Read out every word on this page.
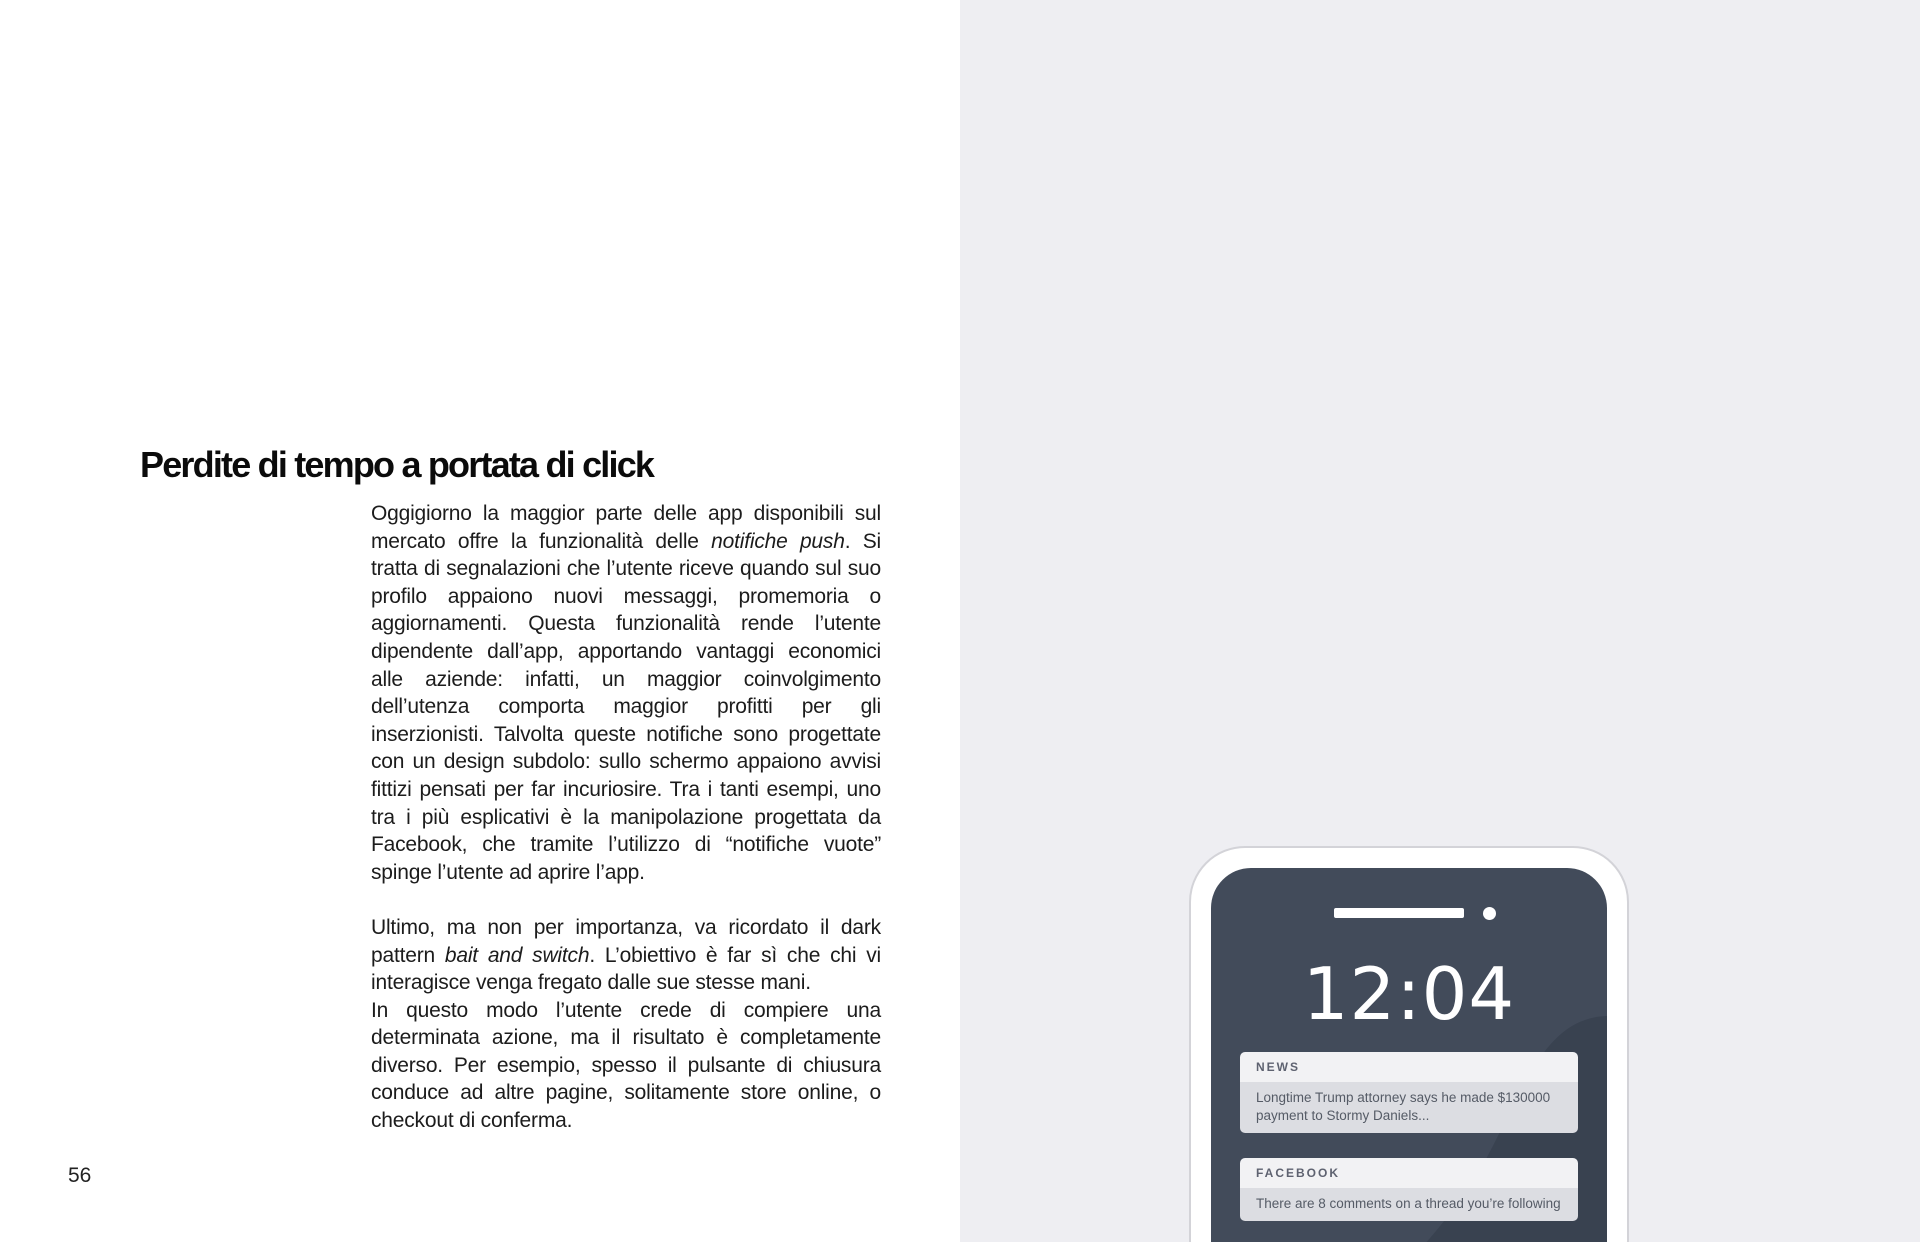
Perdite di tempo a portata di click

Oggigiorno la maggior parte delle app disponibili sul mercato offre la funzionalità delle notifiche push. Si tratta di segnalazioni che l’utente riceve quando sul suo profilo appaiono nuovi messaggi, promemoria o aggiornamenti. Questa funzionalità rende l’utente dipendente dall’app, apportando vantaggi economici alle aziende: infatti, un maggior coinvolgimento dell’utenza comporta maggior profitti per gli inserzionisti. Talvolta queste notifiche sono progettate con un design subdolo: sullo schermo appaiono avvisi fittizi pensati per far incuriosire. Tra i tanti esempi, uno tra i più esplicativi è la manipolazione progettata da Facebook, che tramite l’utilizzo di “notifiche vuote” spinge l’utente ad aprire l’app.

Ultimo, ma non per importanza, va ricordato il dark pattern bait and switch. L’obiettivo è far sì che chi vi interagisce venga fregato dalle sue stesse mani.

In questo modo l’utente crede di compiere una determinata azione, ma il risultato è completamente diverso. Per esempio, spesso il pulsante di chiusura conduce ad altre pagine, solitamente store online, o checkout di conferma.

56
12:04
NEWS
Longtime Trump attorney says he made $130000 payment to Stormy Daniels...
FACEBOOK
There are 8 comments on a thread you’re following
